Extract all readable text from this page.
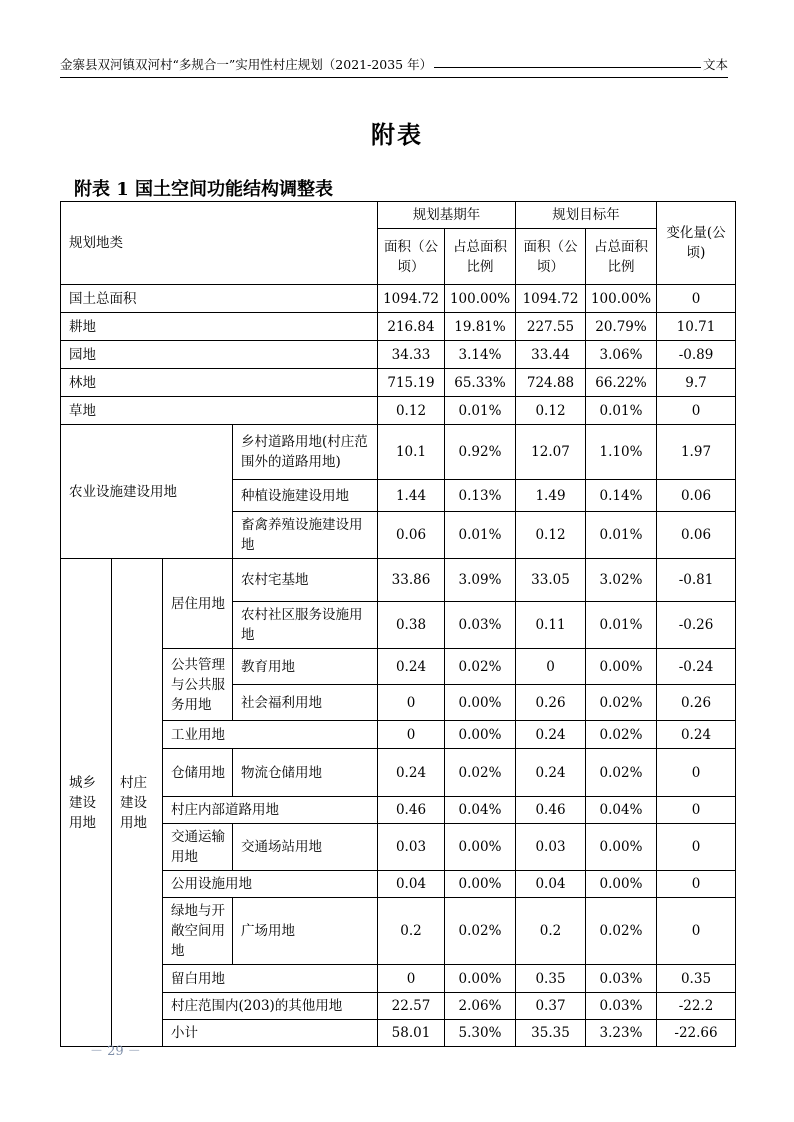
金寨县双河镇双河村“多规合一”实用性村庄规划（2021-2035 年）	文本
附表
附表 1 国土空间功能结构调整表
规划地类				规划基期年		规划目标年		变化量(公顷)
				面积（公顷）	占总面积比例	面积（公顷）	占总面积比例	
国土总面积				1094.72	100.00%	1094.72	100.00%	0
耕地				216.84	19.81%	227.55	20.79%	10.71
园地				34.33	3.14%	33.44	3.06%	-0.89
林地				715.19	65.33%	724.88	66.22%	9.7
草地				0.12	0.01%	0.12	0.01%	0
农业设施建设用地			乡村道路用地(村庄范围外的道路用地)	10.1	0.92%	12.07	1.10%	1.97
			种植设施建设用地	1.44	0.13%	1.49	0.14%	0.06
			畜禽养殖设施建设用地	0.06	0.01%	0.12	0.01%	0.06
城乡建设用地	村庄建设用地	居住用地	农村宅基地	33.86	3.09%	33.05	3.02%	-0.81
			农村社区服务设施用地	0.38	0.03%	0.11	0.01%	-0.26
		公共管理与公共服务用地	教育用地	0.24	0.02%	0	0.00%	-0.24
			社会福利用地	0	0.00%	0.26	0.02%	0.26
		工业用地		0	0.00%	0.24	0.02%	0.24
		仓储用地	物流仓储用地	0.24	0.02%	0.24	0.02%	0
		村庄内部道路用地		0.46	0.04%	0.46	0.04%	0
		交通运输用地	交通场站用地	0.03	0.00%	0.03	0.00%	0
		公用设施用地		0.04	0.00%	0.04	0.00%	0
		绿地与开敞空间用地	广场用地	0.2	0.02%	0.2	0.02%	0
		留白用地		0	0.00%	0.35	0.03%	0.35
		村庄范围内(203)的其他用地		22.57	2.06%	0.37	0.03%	-22.2
		小计		58.01	5.30%	35.35	3.23%	-22.66
－ 29 －
